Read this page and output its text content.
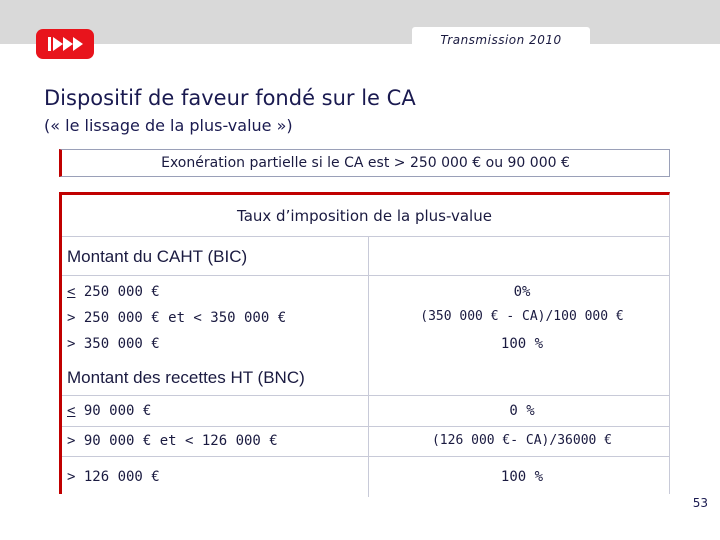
Transmission 2010
Dispositif de faveur fondé sur le CA
(« le lissage de la plus-value »)
Exonération partielle si le CA est > 250 000 € ou 90 000 €
Taux d’imposition de la plus-value
Montant du CAHT (BIC)
< 250 000 €
> 250 000 € et < 350 000 €
> 350 000 €
0%
(350 000 € - CA)/100 000 €
100 %
Montant des recettes HT (BNC)
< 90 000 €
> 90 000 € et < 126 000 €
> 126 000 €
0 %
(126 000 €- CA)/36000 €
100 %
53
